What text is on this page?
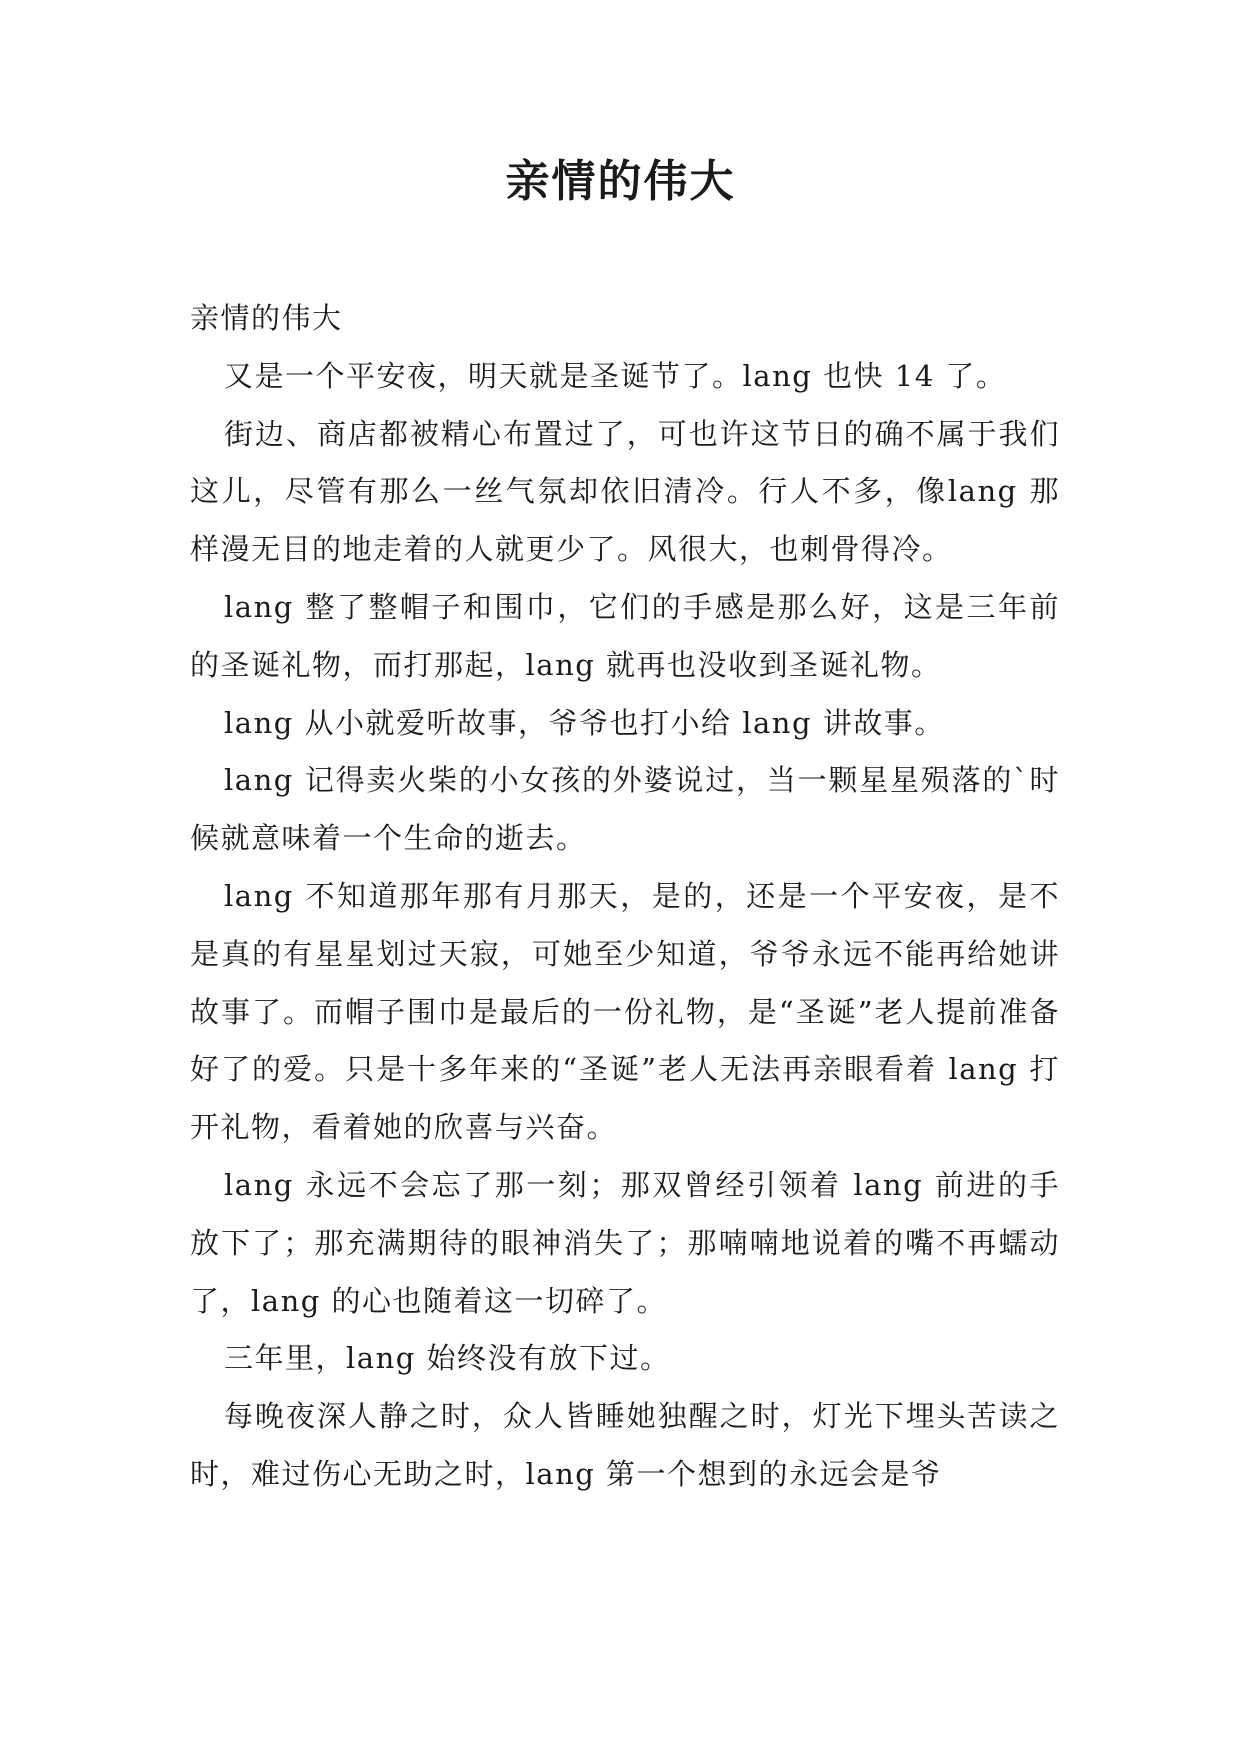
亲情的伟大

亲情的伟大

又是一个平安夜，明天就是圣诞节了。lang 也快 14 了。

街边、商店都被精心布置过了，可也许这节日的确不属于我们这儿，尽管有那么一丝气氛却依旧清冷。行人不多，像lang 那样漫无目的地走着的人就更少了。风很大，也刺骨得冷。

lang 整了整帽子和围巾，它们的手感是那么好，这是三年前的圣诞礼物，而打那起，lang 就再也没收到圣诞礼物。

lang 从小就爱听故事，爷爷也打小给 lang 讲故事。

lang 记得卖火柴的小女孩的外婆说过，当一颗星星殒落的`时候就意味着一个生命的逝去。

lang 不知道那年那有月那天，是的，还是一个平安夜，是不是真的有星星划过天寂，可她至少知道，爷爷永远不能再给她讲故事了。而帽子围巾是最后的一份礼物，是“圣诞”老人提前准备好了的爱。只是十多年来的“圣诞”老人无法再亲眼看着 lang 打开礼物，看着她的欣喜与兴奋。

lang 永远不会忘了那一刻；那双曾经引领着 lang 前进的手放下了；那充满期待的眼神消失了；那喃喃地说着的嘴不再蠕动了，lang 的心也随着这一切碎了。

三年里，lang 始终没有放下过。

每晚夜深人静之时，众人皆睡她独醒之时，灯光下埋头苦读之时，难过伤心无助之时，lang 第一个想到的永远会是爷
